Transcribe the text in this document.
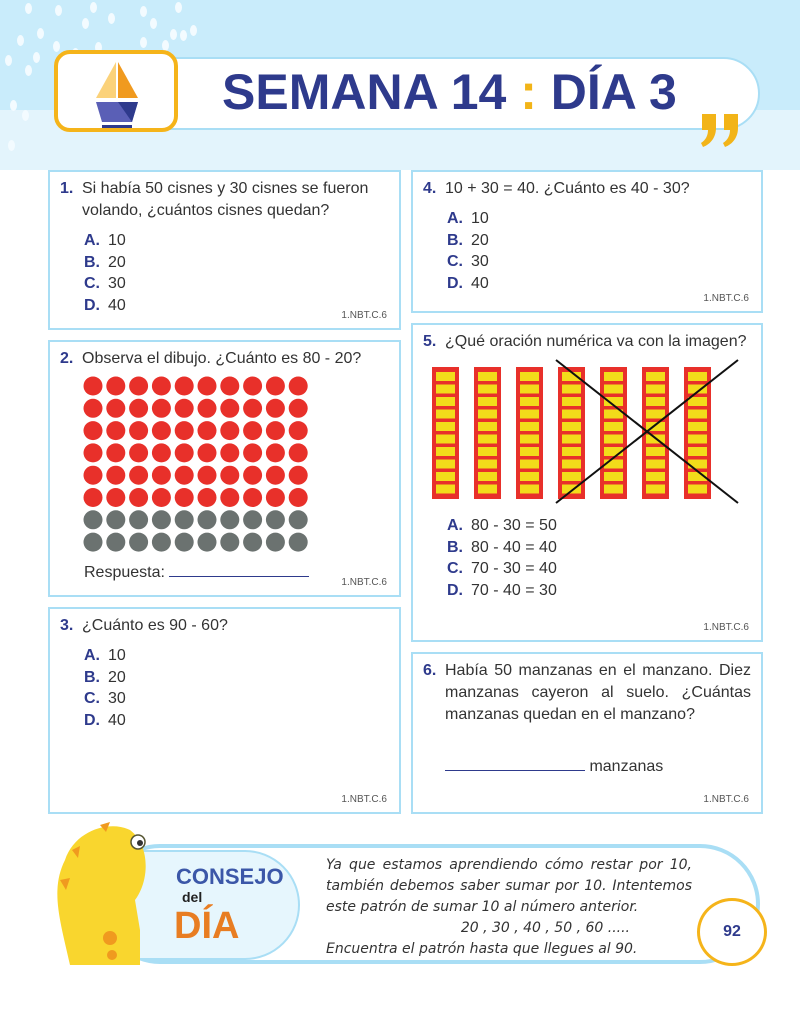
SEMANA 14 : DÍA 3
1. Si había 50 cisnes y 30 cisnes se fueron volando, ¿cuántos cisnes quedan?
A. 10
B. 20
C. 30
D. 40
1.NBT.C.6
2. Observa el dibujo. ¿Cuánto es 80 - 20?
Respuesta:
1.NBT.C.6
3. ¿Cuánto es 90 - 60?
A. 10
B. 20
C. 30
D. 40
1.NBT.C.6
4. 10 + 30 = 40. ¿Cuánto es 40 - 30?
A. 10
B. 20
C. 30
D. 40
1.NBT.C.6
5. ¿Qué oración numérica va con la imagen?
A. 80 - 30 = 50
B. 80 - 40 = 40
C. 70 - 30 = 40
D. 70 - 40 = 30
1.NBT.C.6
6. Había 50 manzanas en el manzano. Diez manzanas cayeron al suelo. ¿Cuántas manzanas quedan en el manzano?
manzanas
1.NBT.C.6
CONSEJO
del
DÍA
Ya que estamos aprendiendo cómo restar por 10, también debemos saber sumar por 10. Intentemos este patrón de sumar 10 al número anterior.
20 , 30 , 40 , 50 , 60 .....
Encuentra el patrón hasta que llegues al 90.
92
